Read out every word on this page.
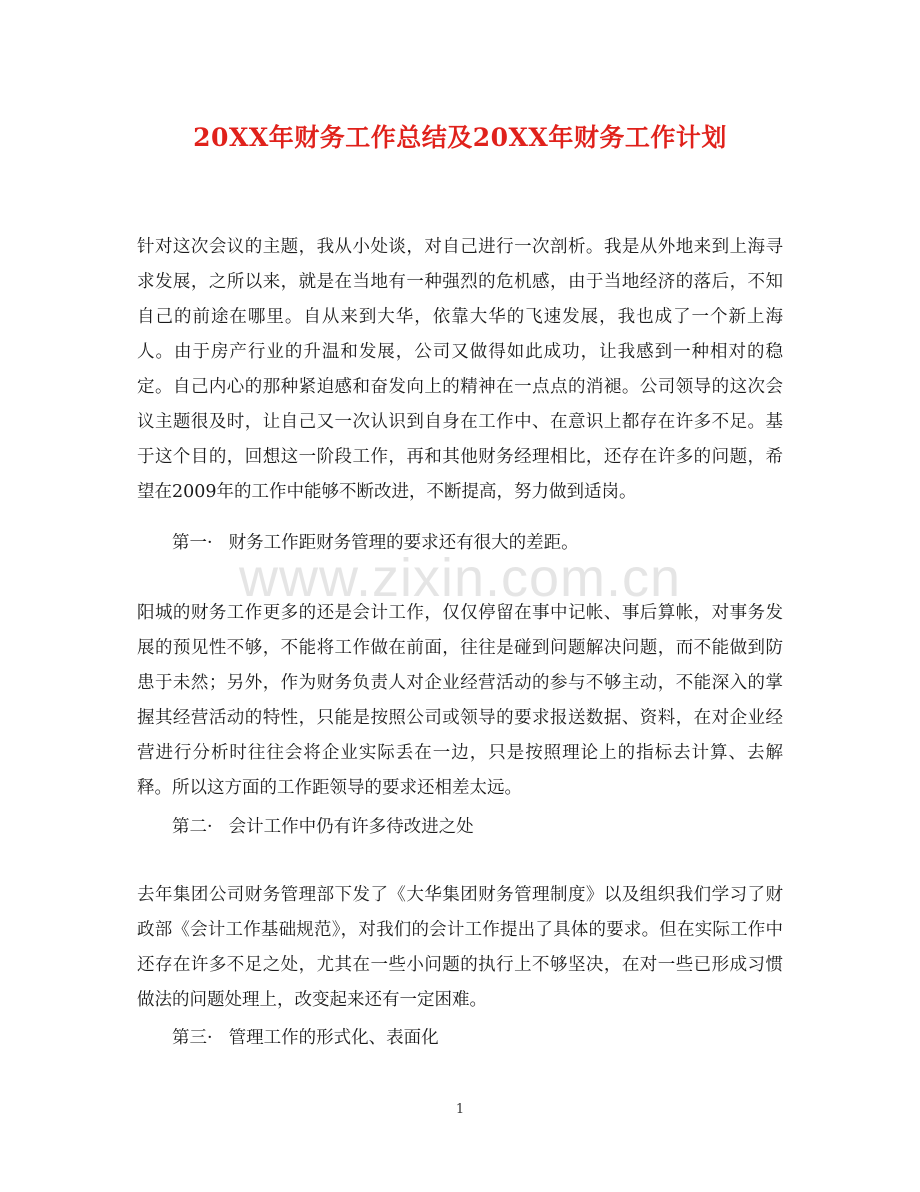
20XX年财务工作总结及20XX年财务工作计划

针对这次会议的主题，我从小处谈，对自己进行一次剖析。我是从外地来到上海寻求发展，之所以来，就是在当地有一种强烈的危机感，由于当地经济的落后，不知自己的前途在哪里。自从来到大华，依靠大华的飞速发展，我也成了一个新上海人。由于房产行业的升温和发展，公司又做得如此成功，让我感到一种相对的稳定。自己内心的那种紧迫感和奋发向上的精神在一点点的消褪。公司领导的这次会议主题很及时，让自己又一次认识到自身在工作中、在意识上都存在许多不足。基于这个目的，回想这一阶段工作，再和其他财务经理相比，还存在许多的问题，希望在2009年的工作中能够不断改进，不断提高，努力做到适岗。

第一· 财务工作距财务管理的要求还有很大的差距。
www.zixin.com.cn

阳城的财务工作更多的还是会计工作，仅仅停留在事中记帐、事后算帐，对事务发展的预见性不够，不能将工作做在前面，往往是碰到问题解决问题，而不能做到防患于未然；另外，作为财务负责人对企业经营活动的参与不够主动，不能深入的掌握其经营活动的特性，只能是按照公司或领导的要求报送数据、资料，在对企业经营进行分析时往往会将企业实际丢在一边，只是按照理论上的指标去计算、去解释。所以这方面的工作距领导的要求还相差太远。

第二· 会计工作中仍有许多待改进之处

去年集团公司财务管理部下发了《大华集团财务管理制度》以及组织我们学习了财政部《会计工作基础规范》，对我们的会计工作提出了具体的要求。但在实际工作中还存在许多不足之处，尤其在一些小问题的执行上不够坚决，在对一些已形成习惯做法的问题处理上，改变起来还有一定困难。

第三· 管理工作的形式化、表面化
1
